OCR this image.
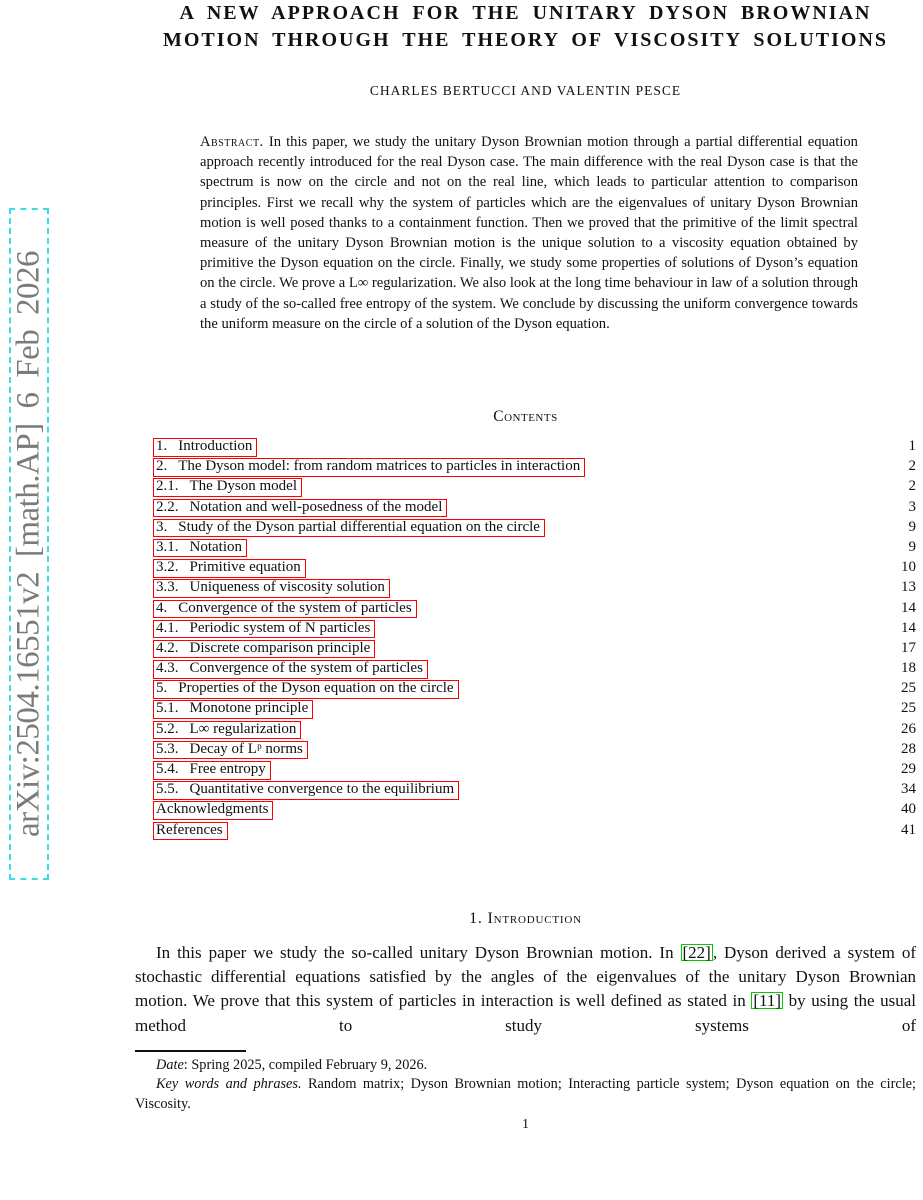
arXiv:2504.16551v2 [math.AP] 6 Feb 2026
A NEW APPROACH FOR THE UNITARY DYSON BROWNIAN
MOTION THROUGH THE THEORY OF VISCOSITY SOLUTIONS
CHARLES BERTUCCI AND VALENTIN PESCE
Abstract. In this paper, we study the unitary Dyson Brownian motion through a partial differential equation approach recently introduced for the real Dyson case. The main difference with the real Dyson case is that the spectrum is now on the circle and not on the real line, which leads to particular attention to comparison principles. First we recall why the system of particles which are the eigenvalues of unitary Dyson Brownian motion is well posed thanks to a containment function. Then we proved that the primitive of the limit spectral measure of the unitary Dyson Brownian motion is the unique solution to a viscosity equation obtained by primitive the Dyson equation on the circle. Finally, we study some properties of solutions of Dyson’s equation on the circle. We prove a L∞ regularization. We also look at the long time behaviour in law of a solution through a study of the so-called free entropy of the system. We conclude by discussing the uniform convergence towards the uniform measure on the circle of a solution of the Dyson equation.
Contents
1. Introduction	1
2. The Dyson model: from random matrices to particles in interaction	2
2.1. The Dyson model	2
2.2. Notation and well-posedness of the model	3
3. Study of the Dyson partial differential equation on the circle	9
3.1. Notation	9
3.2. Primitive equation	10
3.3. Uniqueness of viscosity solution	13
4. Convergence of the system of particles	14
4.1. Periodic system of N particles	14
4.2. Discrete comparison principle	17
4.3. Convergence of the system of particles	18
5. Properties of the Dyson equation on the circle	25
5.1. Monotone principle	25
5.2. L∞ regularization	26
5.3. Decay of Lᵖ norms	28
5.4. Free entropy	29
5.5. Quantitative convergence to the equilibrium	34
Acknowledgments	40
References	41
1. Introduction
In this paper we study the so-called unitary Dyson Brownian motion. In [22] , Dyson derived a system of stochastic differential equations satisfied by the angles of the eigenvalues of the unitary Dyson Brownian motion. We prove that this system of particles in interaction is well defined as stated in [11] by using the usual method to study systems of
Date: Spring 2025, compiled February 9, 2026.
Key words and phrases. Random matrix; Dyson Brownian motion; Interacting particle system; Dyson equation on the circle; Viscosity.
1
